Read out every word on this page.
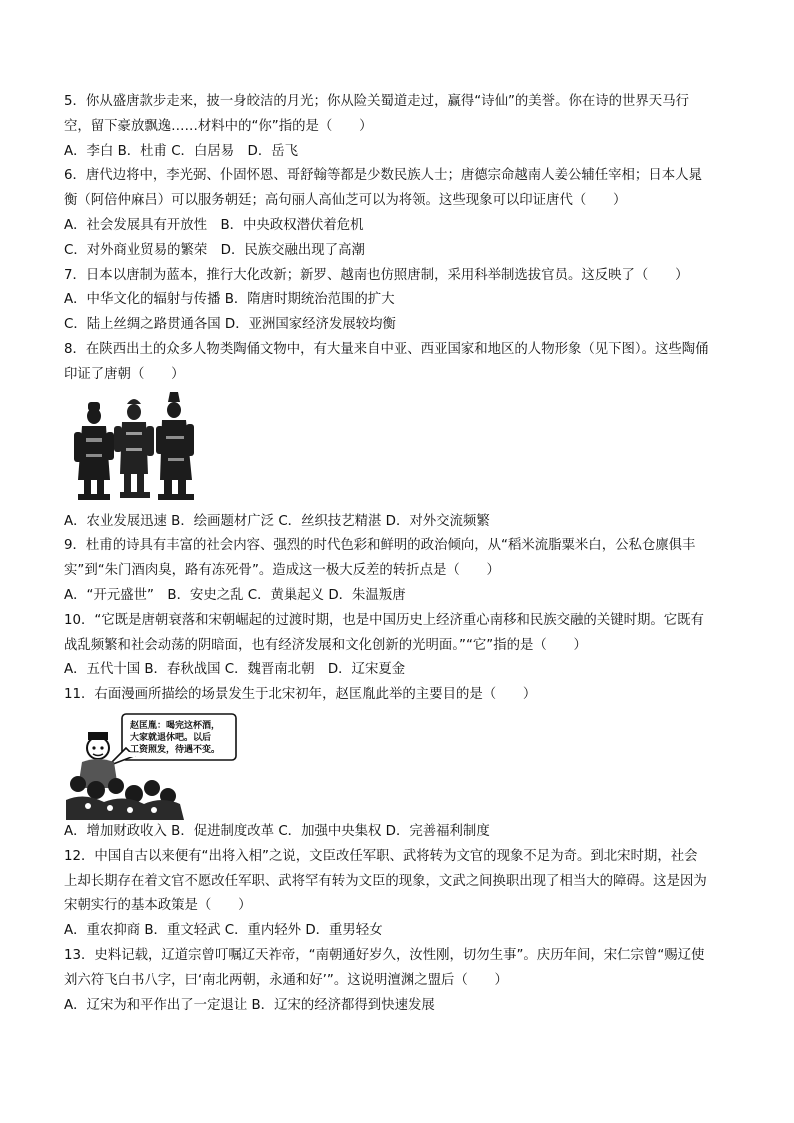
5．你从盛唐款步走来，披一身皎洁的月光；你从险关蜀道走过，赢得“诗仙”的美誉。你在诗的世界天马行
空，留下豪放飘逸……材料中的“你”指的是（　　）
A．李白 B．杜甫 C．白居易　D．岳飞
6．唐代边将中，李光弼、仆固怀恩、哥舒翰等都是少数民族人士；唐德宗命越南人姜公辅任宰相；日本人晁
衡（阿倍仲麻吕）可以服务朝廷；高句丽人高仙芝可以为将领。这些现象可以印证唐代（　　）
A．社会发展具有开放性　B．中央政权潜伏着危机
C．对外商业贸易的繁荣　D．民族交融出现了高潮
7．日本以唐制为蓝本，推行大化改新；新罗、越南也仿照唐制，采用科举制选拔官员。这反映了（　　）
A．中华文化的辐射与传播 B．隋唐时期统治范围的扩大
C．陆上丝绸之路贯通各国 D．亚洲国家经济发展较均衡
8．在陕西出土的众多人物类陶俑文物中，有大量来自中亚、西亚国家和地区的人物形象（见下图）。这些陶俑
印证了唐朝（　　）
A．农业发展迅速 B．绘画题材广泛 C．丝织技艺精湛 D．对外交流频繁
9．杜甫的诗具有丰富的社会内容、强烈的时代色彩和鲜明的政治倾向，从“稻米流脂粟米白，公私仓廪俱丰
实”到“朱门酒肉臭，路有冻死骨”。造成这一极大反差的转折点是（　　）
A．“开元盛世”　B．安史之乱 C．黄巢起义 D．朱温叛唐
10．“它既是唐朝衰落和宋朝崛起的过渡时期，也是中国历史上经济重心南移和民族交融的关键时期。它既有
战乱频繁和社会动荡的阴暗面，也有经济发展和文化创新的光明面。”“它”指的是（　　）
A．五代十国 B．春秋战国 C．魏晋南北朝　D．辽宋夏金
11．右面漫画所描绘的场景发生于北宋初年，赵匡胤此举的主要目的是（　　）
赵匡胤：喝完这杯酒，
大家就退休吧。以后
工资照发，待遇不变。
A．增加财政收入 B．促进制度改革 C．加强中央集权 D．完善福利制度
12．中国自古以来便有“出将入相”之说，文臣改任军职、武将转为文官的现象不足为奇。到北宋时期，社会
上却长期存在着文官不愿改任军职、武将罕有转为文臣的现象，文武之间换职出现了相当大的障碍。这是因为
宋朝实行的基本政策是（　　）
A．重农抑商 B．重文轻武 C．重内轻外 D．重男轻女
13．史料记载，辽道宗曾叮嘱辽天祚帝，“南朝通好岁久，汝性刚，切勿生事”。庆历年间，宋仁宗曾“赐辽使
刘六符飞白书八字，曰‘南北两朝，永通和好’”。这说明澶渊之盟后（　　）
A．辽宋为和平作出了一定退让 B．辽宋的经济都得到快速发展
